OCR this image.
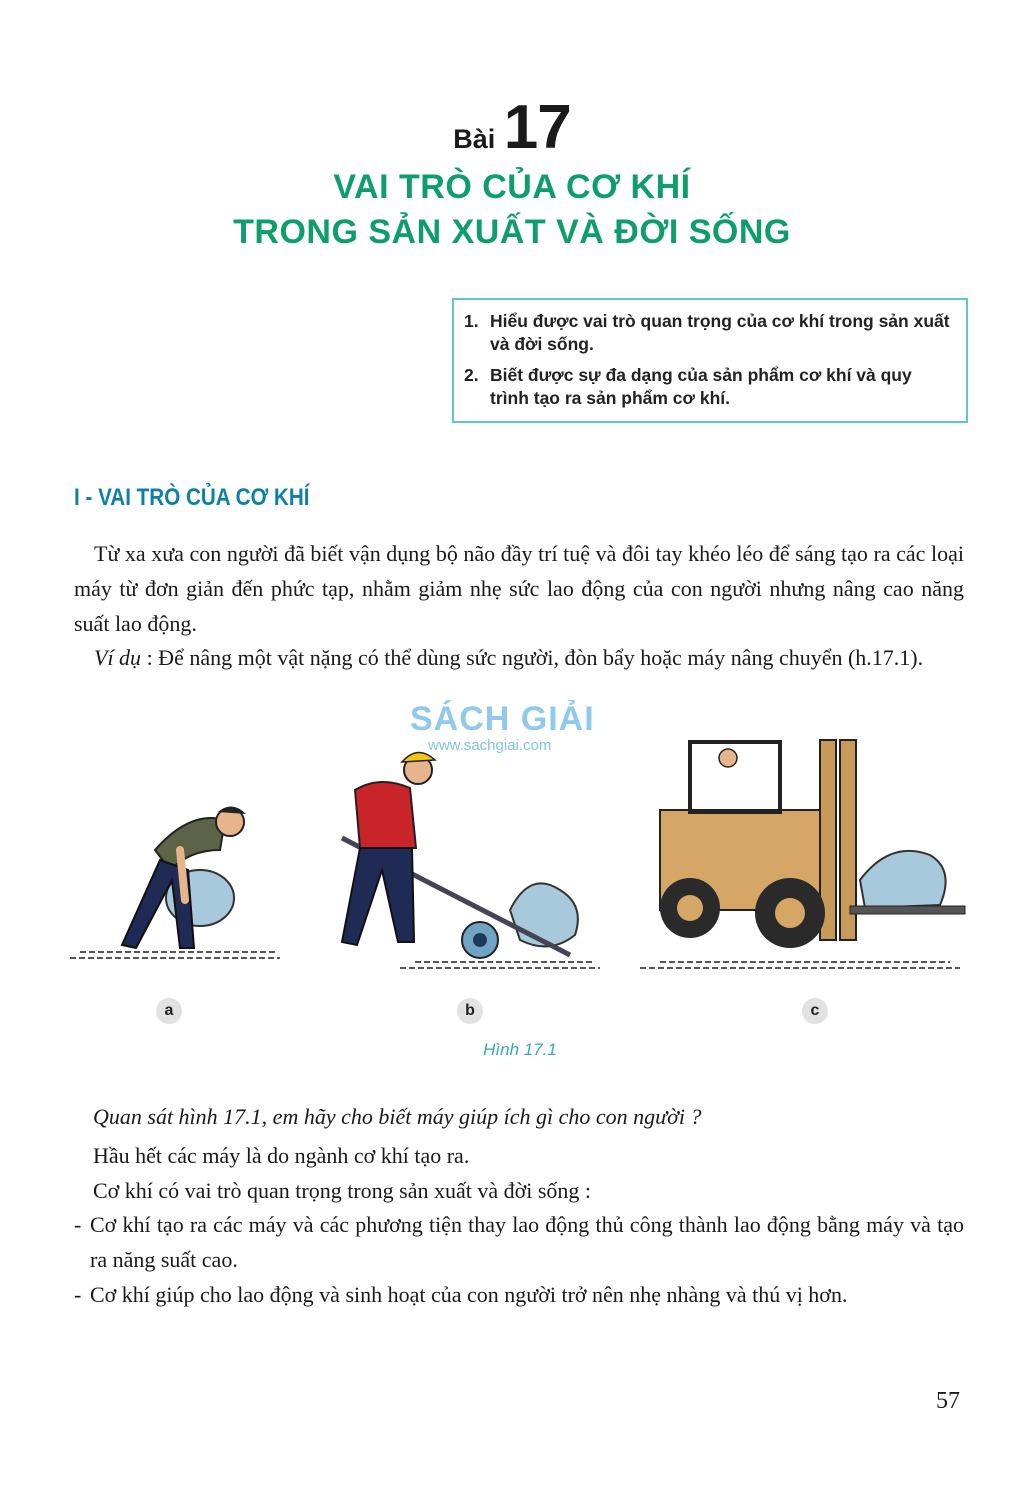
Bài 17
VAI TRÒ CỦA CƠ KHÍ
TRONG SẢN XUẤT VÀ ĐỜI SỐNG
1. Hiểu được vai trò quan trọng của cơ khí trong sản xuất và đời sống.
2. Biết được sự đa dạng của sản phẩm cơ khí và quy trình tạo ra sản phẩm cơ khí.
I - VAI TRÒ CỦA CƠ KHÍ
Từ xa xưa con người đã biết vận dụng bộ não đầy trí tuệ và đôi tay khéo léo để sáng tạo ra các loại máy từ đơn giản đến phức tạp, nhằm giảm nhẹ sức lao động của con người nhưng nâng cao năng suất lao động.
Ví dụ : Để nâng một vật nặng có thể dùng sức người, đòn bẩy hoặc máy nâng chuyển (h.17.1).
SÁCH GIẢI
www.sachgiai.com
a	b	c
Hình 17.1
Quan sát hình 17.1, em hãy cho biết máy giúp ích gì cho con người ?
Hầu hết các máy là do ngành cơ khí tạo ra.
Cơ khí có vai trò quan trọng trong sản xuất và đời sống :
- Cơ khí tạo ra các máy và các phương tiện thay lao động thủ công thành lao động bằng máy và tạo ra năng suất cao.
- Cơ khí giúp cho lao động và sinh hoạt của con người trở nên nhẹ nhàng và thú vị hơn.
57
